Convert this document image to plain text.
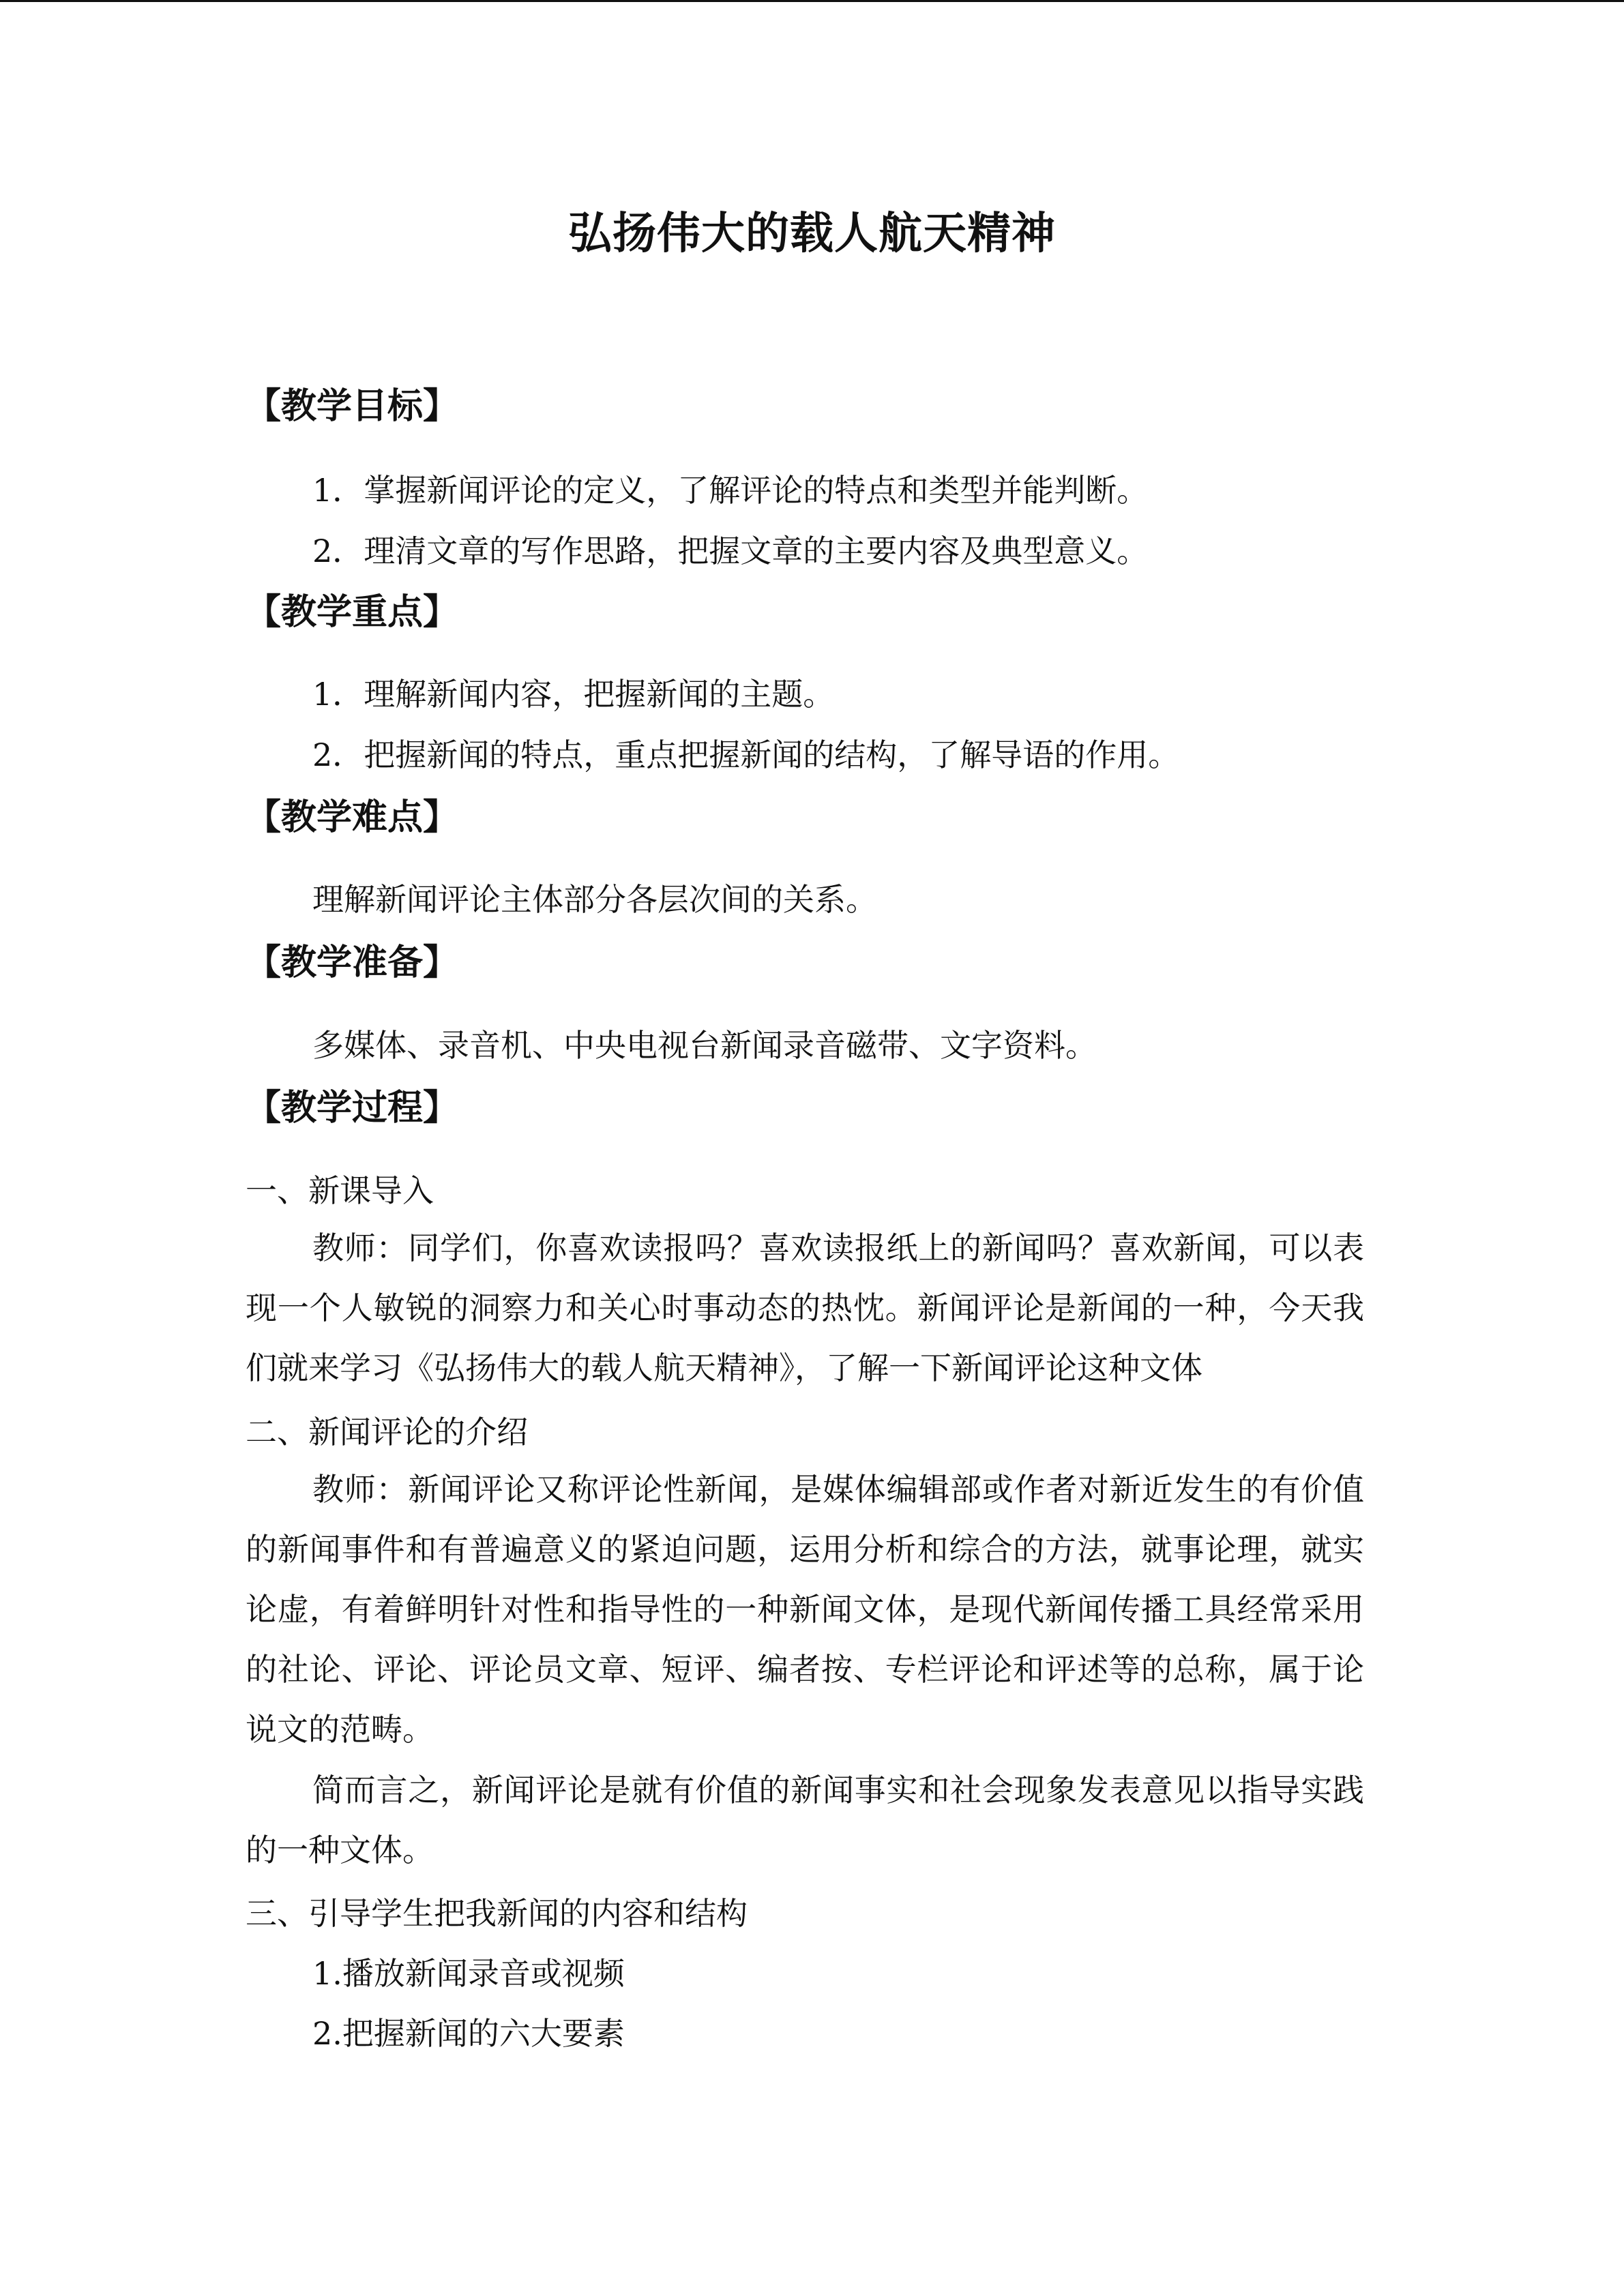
弘扬伟大的载人航天精神
【教学目标】
1．掌握新闻评论的定义，了解评论的特点和类型并能判断。
2．理清文章的写作思路，把握文章的主要内容及典型意义。
【教学重点】
1．理解新闻内容，把握新闻的主题。
2．把握新闻的特点，重点把握新闻的结构，了解导语的作用。
【教学难点】
理解新闻评论主体部分各层次间的关系。
【教学准备】
多媒体、录音机、中央电视台新闻录音磁带、文字资料。
【教学过程】
一、新课导入

教师：同学们，你喜欢读报吗？喜欢读报纸上的新闻吗？喜欢新闻，可以表现一个人敏锐的洞察力和关心时事动态的热忱。新闻评论是新闻的一种，今天我们就来学习《弘扬伟大的载人航天精神》，了解一下新闻评论这种文体

二、新闻评论的介绍

教师：新闻评论又称评论性新闻，是媒体编辑部或作者对新近发生的有价值的新闻事件和有普遍意义的紧迫问题，运用分析和综合的方法，就事论理，就实论虚，有着鲜明针对性和指导性的一种新闻文体，是现代新闻传播工具经常采用的社论、评论、评论员文章、短评、编者按、专栏评论和评述等的总称，属于论说文的范畴。

简而言之，新闻评论是就有价值的新闻事实和社会现象发表意见以指导实践的一种文体。

三、引导学生把我新闻的内容和结构
1.播放新闻录音或视频
2.把握新闻的六大要素
